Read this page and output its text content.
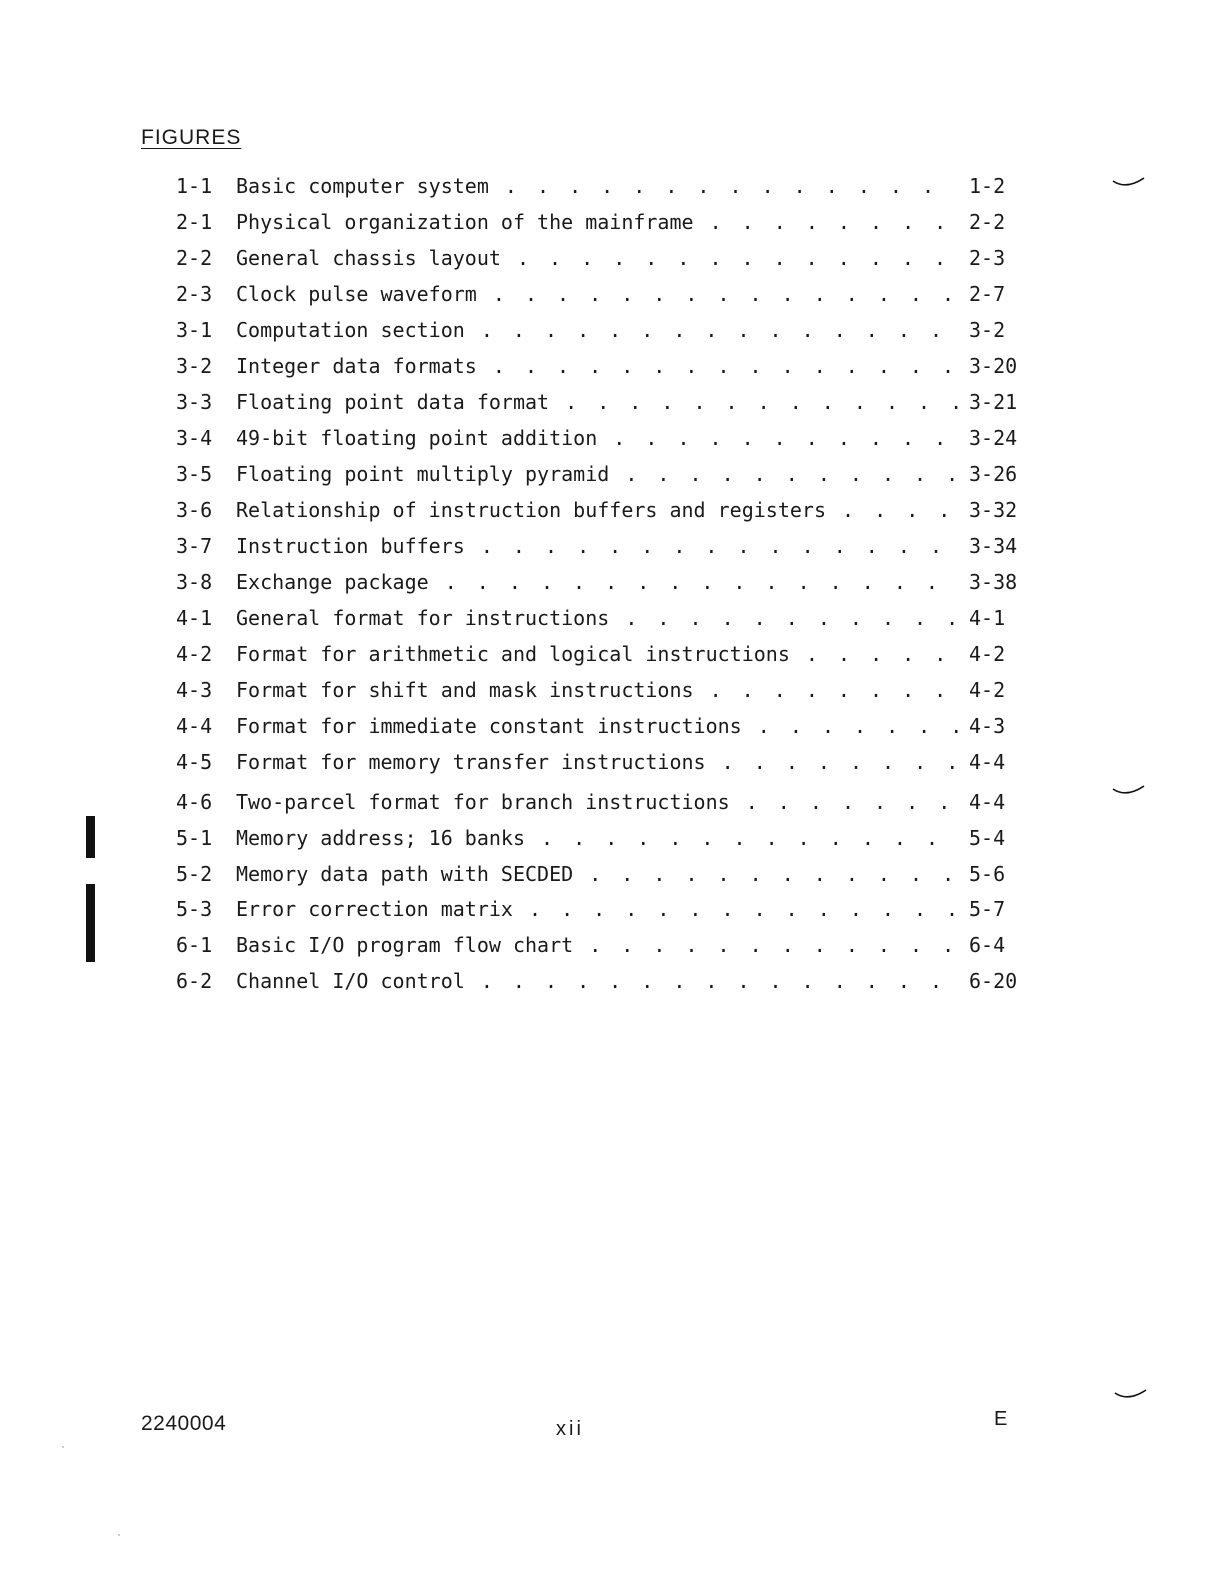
FIGURES
1-1	Basic computer system . . .	1-2
2-1	Physical organization of the mainframe . . .	2-2
2-2	General chassis layout . . .	2-3
2-3	Clock pulse waveform . . .	2-7
3-1	Computation section . . .	3-2
3-2	Integer data formats . . .	3-20
3-3	Floating point data format . . .	3-21
3-4	49-bit floating point addition . . .	3-24
3-5	Floating point multiply pyramid . . .	3-26
3-6	Relationship of instruction buffers and registers . . .	3-32
3-7	Instruction buffers . . .	3-34
3-8	Exchange package . . .	3-38
4-1	General format for instructions . . .	4-1
4-2	Format for arithmetic and logical instructions . . .	4-2
4-3	Format for shift and mask instructions . . .	4-2
4-4	Format for immediate constant instructions . . .	4-3
4-5	Format for memory transfer instructions . . .	4-4
4-6	Two-parcel format for branch instructions . . .	4-4
5-1	Memory address; 16 banks . . .	5-4
5-2	Memory data path with SECDED . . .	5-6
5-3	Error correction matrix . . .	5-7
6-1	Basic I/O program flow chart . . .	6-4
6-2	Channel I/O control . . .	6-20
2240004	xii	E
